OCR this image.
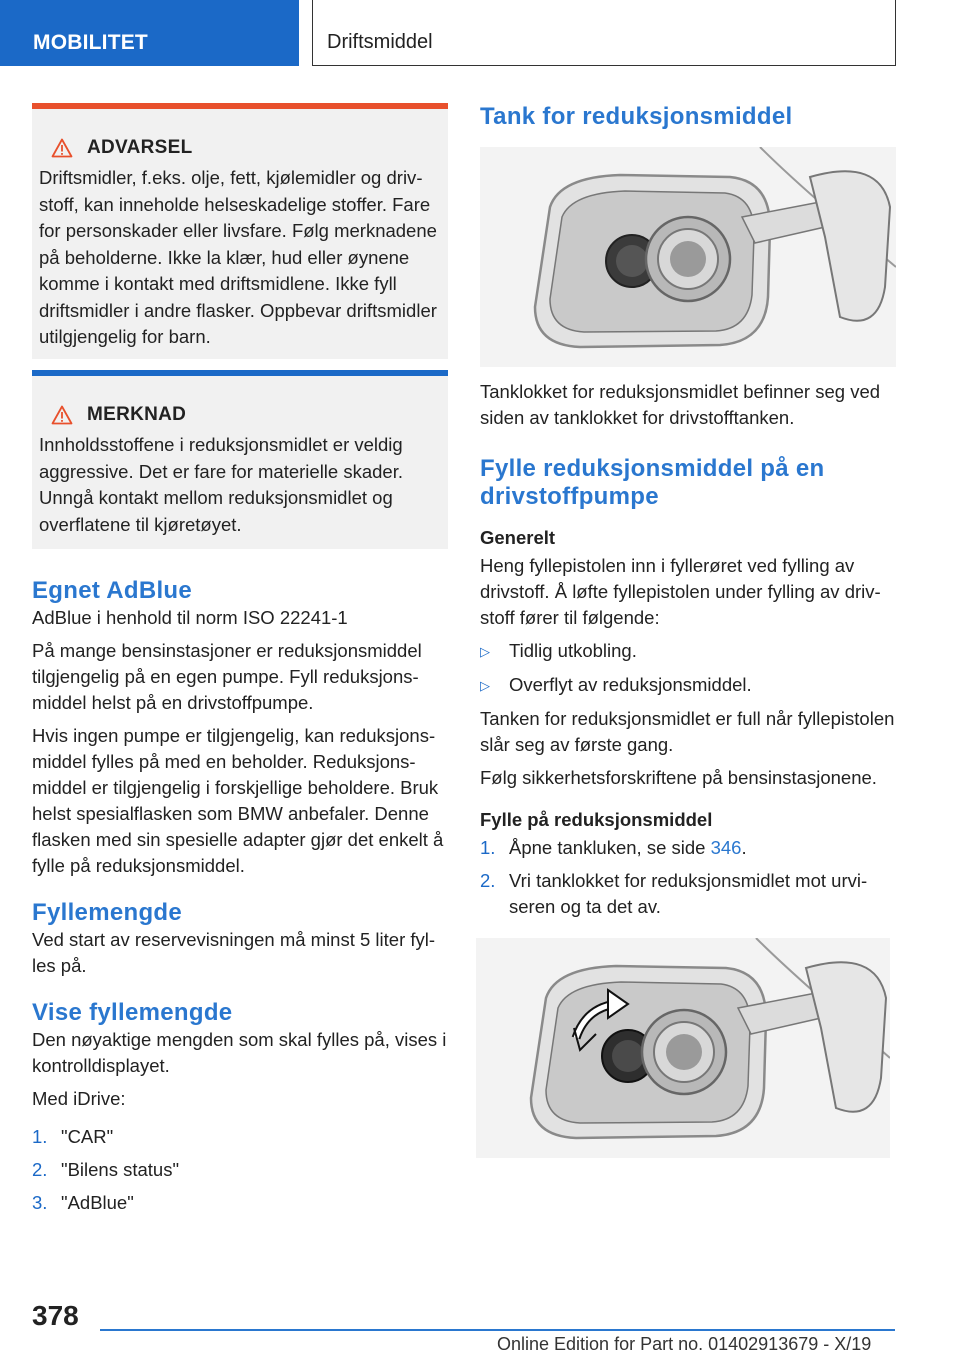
MOBILITET	Driftsmiddel
ADVARSEL

Driftsmidler, f.eks. olje, fett, kjølemidler og drivstoff, kan inneholde helseskadelige stoffer. Fare for personskader eller livsfare. Følg merknadene på beholderne. Ikke la klær, hud eller øynene komme i kontakt med driftsmidlene. Ikke fyll driftsmidler i andre flasker. Oppbevar driftsmidler utilgjengelig for barn.

MERKNAD

Innholdsstoffene i reduksjonsmidlet er veldig aggressive. Det er fare for materielle skader. Unngå kontakt mellom reduksjonsmidlet og overflatene til kjøretøyet.

Egnet AdBlue

AdBlue i henhold til norm ISO 22241-1

På mange bensinstasjoner er reduksjonsmiddel tilgjengelig på en egen pumpe. Fyll reduksjonsmiddel helst på en drivstoffpumpe.

Hvis ingen pumpe er tilgjengelig, kan reduksjonsmiddel fylles på med en beholder. Reduksjonsmiddel er tilgjengelig i forskjellige beholdere. Bruk helst spesialflasken som BMW anbefaler. Denne flasken med sin spesielle adapter gjør det enkelt å fylle på reduksjonsmiddel.

Fyllemengde

Ved start av reservevisningen må minst 5 liter fylles på.

Vise fyllemengde

Den nøyaktige mengden som skal fylles på, vises i kontrolldisplayet.

Med iDrive:

1. "CAR"
2. "Bilens status"
3. "AdBlue"
Tank for reduksjonsmiddel

Tanklokket for reduksjonsmidlet befinner seg ved siden av tanklokket for drivstofftanken.

Fylle reduksjonsmiddel på en drivstoffpumpe
Generelt

Heng fyllepistolen inn i fyllerøret ved fylling av drivstoff. Å løfte fyllepistolen under fylling av drivstoff fører til følgende:

▷	Tidlig utkobling.
▷	Overflyt av reduksjonsmiddel.

Tanken for reduksjonsmidlet er full når fyllepistolen slår seg av første gang.

Følg sikkerhetsforskriftene på bensinstasjonene.

Fylle på reduksjonsmiddel
1. Åpne tankluken, se side 346.
2. Vri tanklokket for reduksjonsmidlet mot urviseren og ta det av.
378
Online Edition for Part no. 01402913679 - X/19
